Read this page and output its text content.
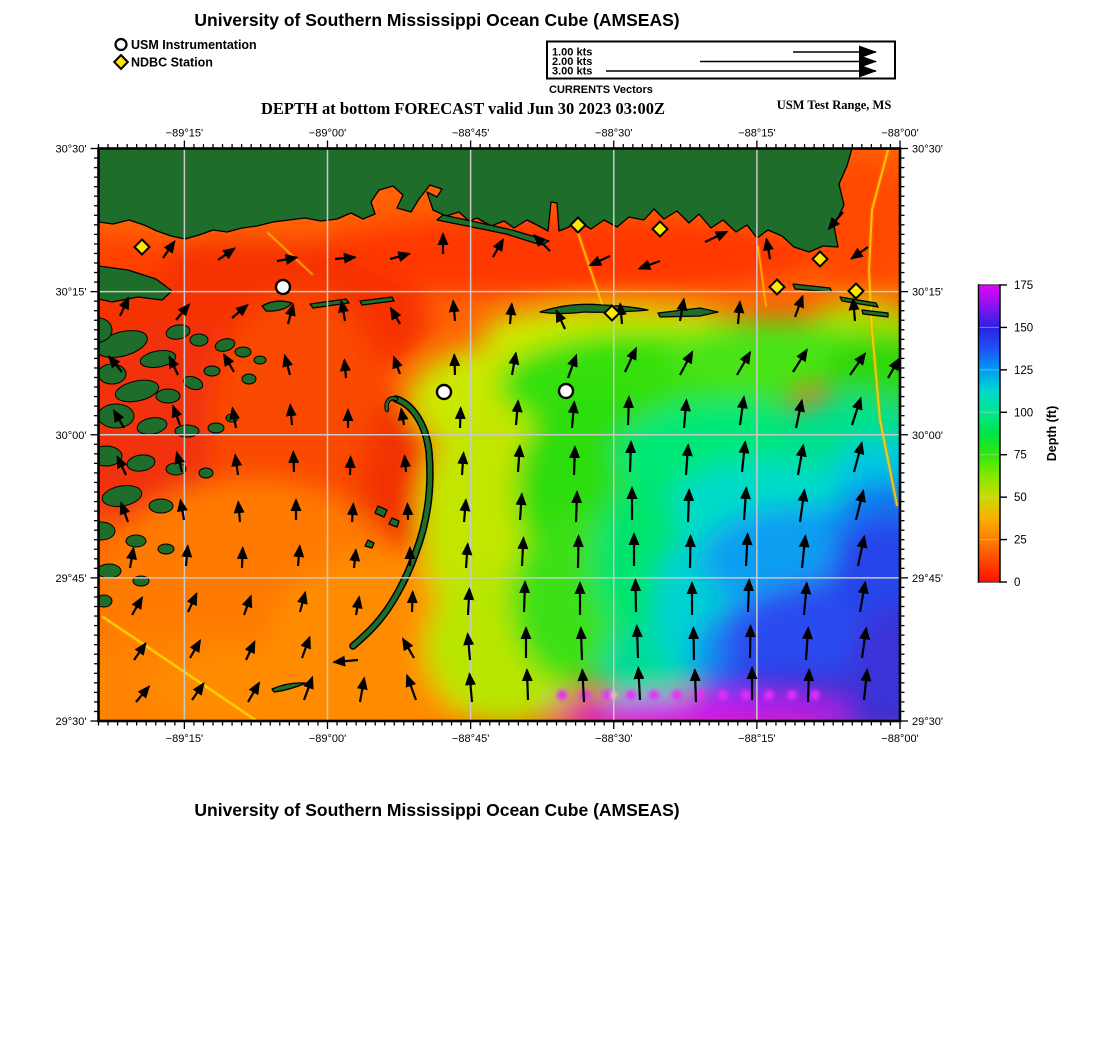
−88°00'
−88°00'
−88°15'
−88°15'
−88°30'
−88°30'
−88°45'
−88°45'
−89°00'
−89°00'
−89°15'
−89°15'
30°30'	30°30'
30°15'	30°15'
30°00'	30°00'
29°45'	29°45'
29°30'	29°30'
University of Southern Mississippi Ocean Cube (AMSEAS)
University of Southern Mississippi Ocean Cube (AMSEAS)
USM Instrumentation
NDBC Station
1.00 kts
2.00 kts
3.00 kts
CURRENTS Vectors
DEPTH at bottom FORECAST valid Jun 30 2023 03:00Z	USM Test Range, MS
0
25
50
75
100
125
150
175
Depth (ft)
